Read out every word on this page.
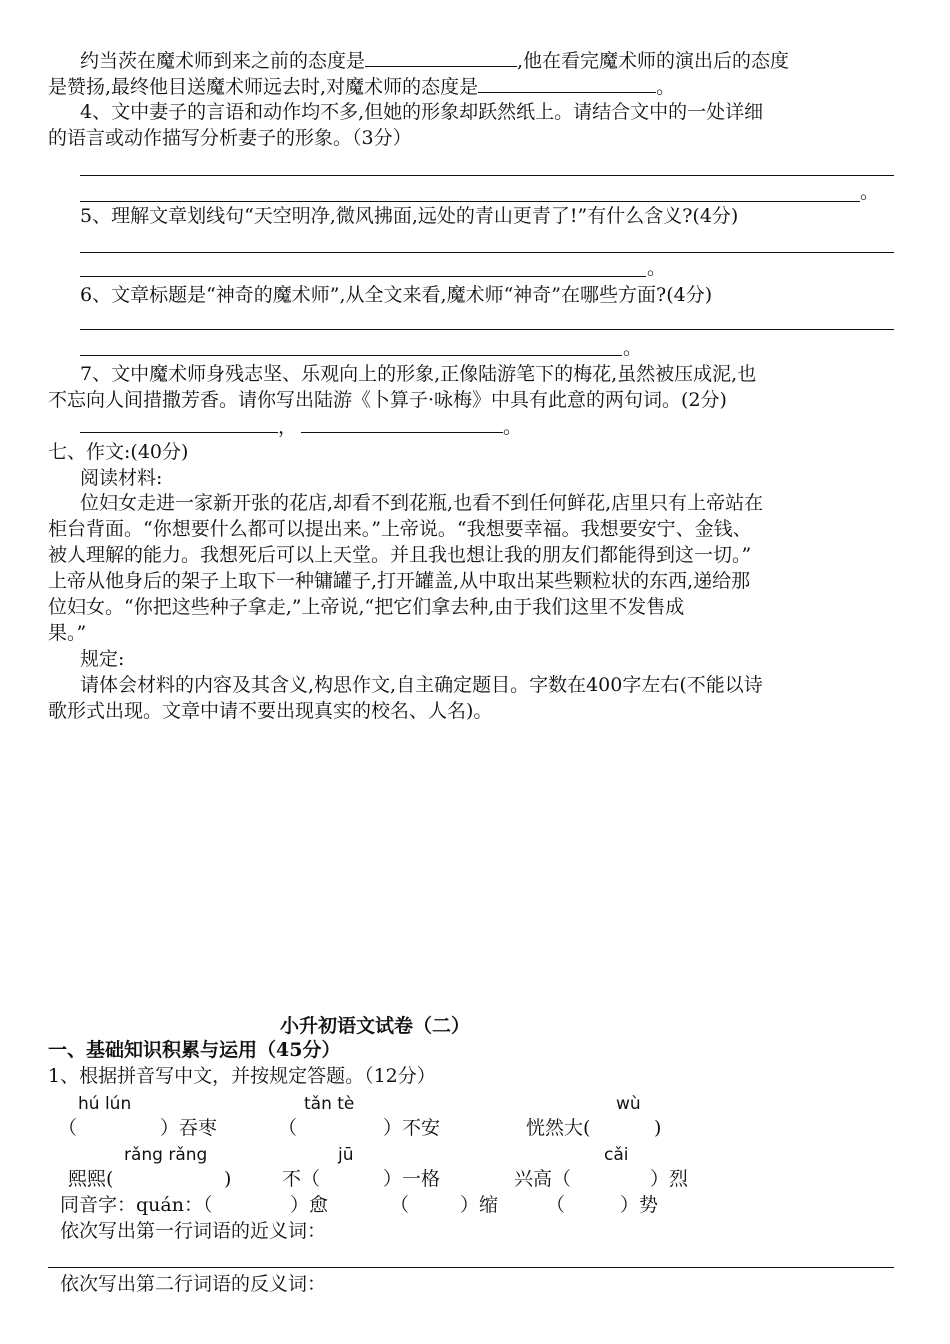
约当茨在魔术师到来之前的态度是	,他在看完魔术师的演出后的态度
是赞扬,最终他目送魔术师远去时,对魔术师的态度是	。
4、文中妻子的言语和动作均不多,但她的形象却跃然纸上。请结合文中的一处详细
的语言或动作描写分析妻子的形象。（3分）
。
5、理解文章划线句“天空明净,微风拂面,远处的青山更青了!”有什么含义?(4分)
。
6、文章标题是“神奇的魔术师”,从全文来看,魔术师“神奇”在哪些方面?(4分)
。
7、文中魔术师身残志坚、乐观向上的形象,正像陆游笔下的梅花,虽然被压成泥,也
不忘向人间措撒芳香。请你写出陆游《卜算子·咏梅》中具有此意的两句词。(2分)
，	。
七、作文:(40分)
阅读材料:
位妇女走进一家新开张的花店,却看不到花瓶,也看不到任何鲜花,店里只有上帝站在
柜台背面。“你想要什么都可以提出来。”上帝说。“我想要幸福。我想要安宁、金钱、
被人理解的能力。我想死后可以上天堂。并且我也想让我的朋友们都能得到这一切。”
上帝从他身后的架子上取下一种镛罐子,打开罐盖,从中取出某些颗粒状的东西,递给那
位妇女。“你把这些种子拿走,”上帝说,“把它们拿去种,由于我们这里不发售成
果。”
规定:
请体会材料的内容及其含义,构思作文,自主确定题目。字数在400字左右(不能以诗
歌形式出现。文章中请不要出现真实的校名、人名)。
小升初语文试卷（二）
一、基础知识积累与运用（45分）
1、根据拼音写中文，并按规定答题。（12分）
hú lún	tǎn tè	wù
（	）吞枣	（	）不安	恍然大(	)
rǎng rǎng	jū	cǎi
熙熙(	)	不（	）一格	兴高（	）烈
同音字：quán：（	）愈	（	）缩	（	）势
依次写出第一行词语的近义词：
依次写出第二行词语的反义词：
